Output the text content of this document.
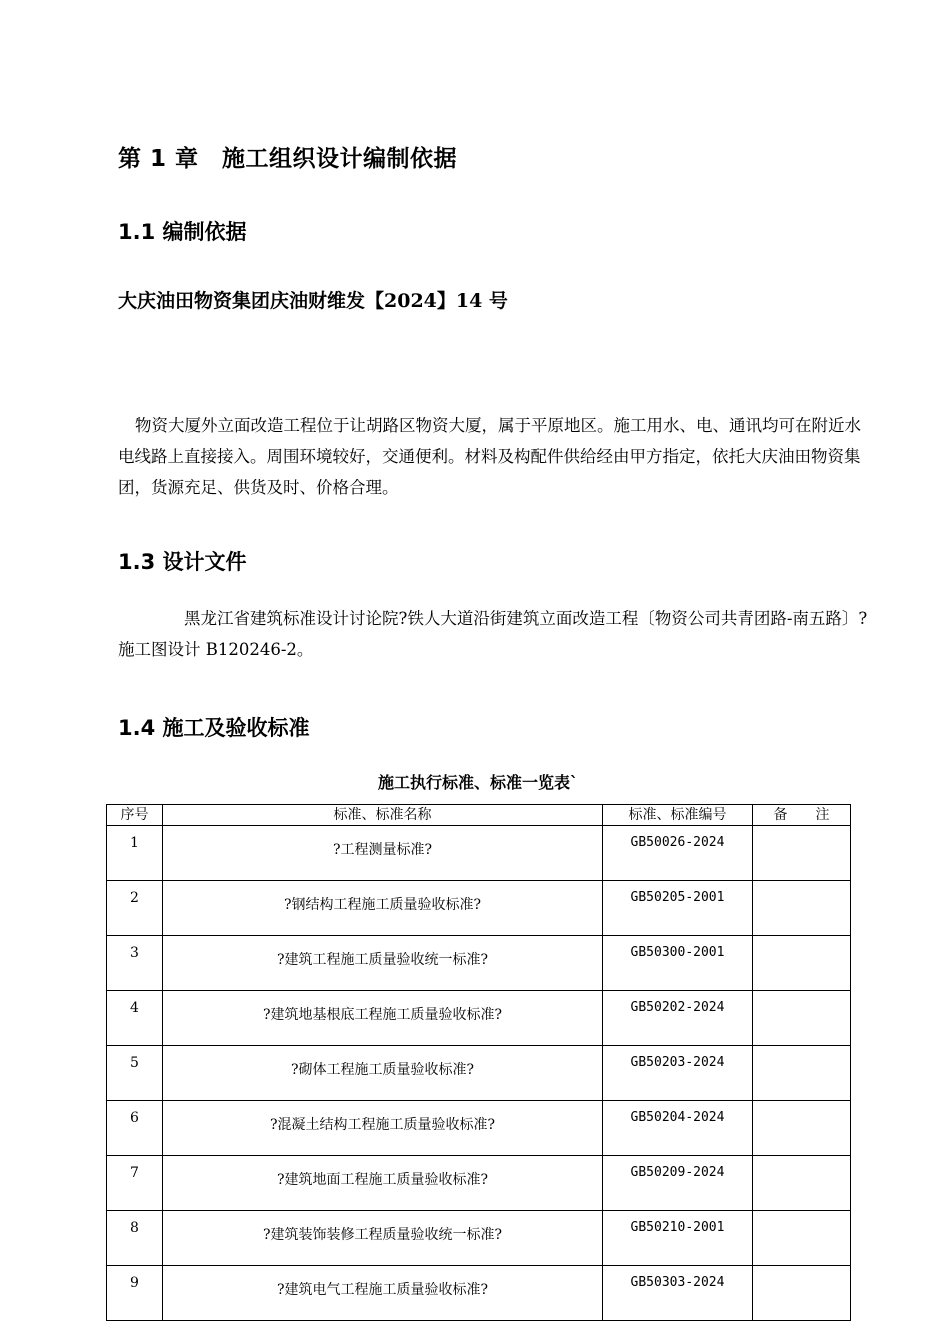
第 1 章　施工组织设计编制依据
1.1 编制依据

大庆油田物资集团庆油财维发【2024】14 号

物资大厦外立面改造工程位于让胡路区物资大厦，属于平原地区。施工用水、电、通讯均可在附近水电线路上直接接入。周围环境较好，交通便利。材料及构配件供给经由甲方指定，依托大庆油田物资集团，货源充足、供货及时、价格合理。

1.3 设计文件

黑龙江省建筑标准设计讨论院?铁人大道沿街建筑立面改造工程〔物资公司共青团路-南五路〕?施工图设计 B120246-2。

1.4 施工及验收标准

施工执行标准、标准一览表`

序号	标准、标准名称	标准、标准编号	备　　注
1	?工程测量标准?	GB50026-2024	
2	?钢结构工程施工质量验收标准?	GB50205-2001	
3	?建筑工程施工质量验收统一标准?	GB50300-2001	
4	?建筑地基根底工程施工质量验收标准?	GB50202-2024	
5	?砌体工程施工质量验收标准?	GB50203-2024	
6	?混凝土结构工程施工质量验收标准?	GB50204-2024	
7	?建筑地面工程施工质量验收标准?	GB50209-2024	
8	?建筑装饰装修工程质量验收统一标准?	GB50210-2001	
9	?建筑电气工程施工质量验收标准?	GB50303-2024	
